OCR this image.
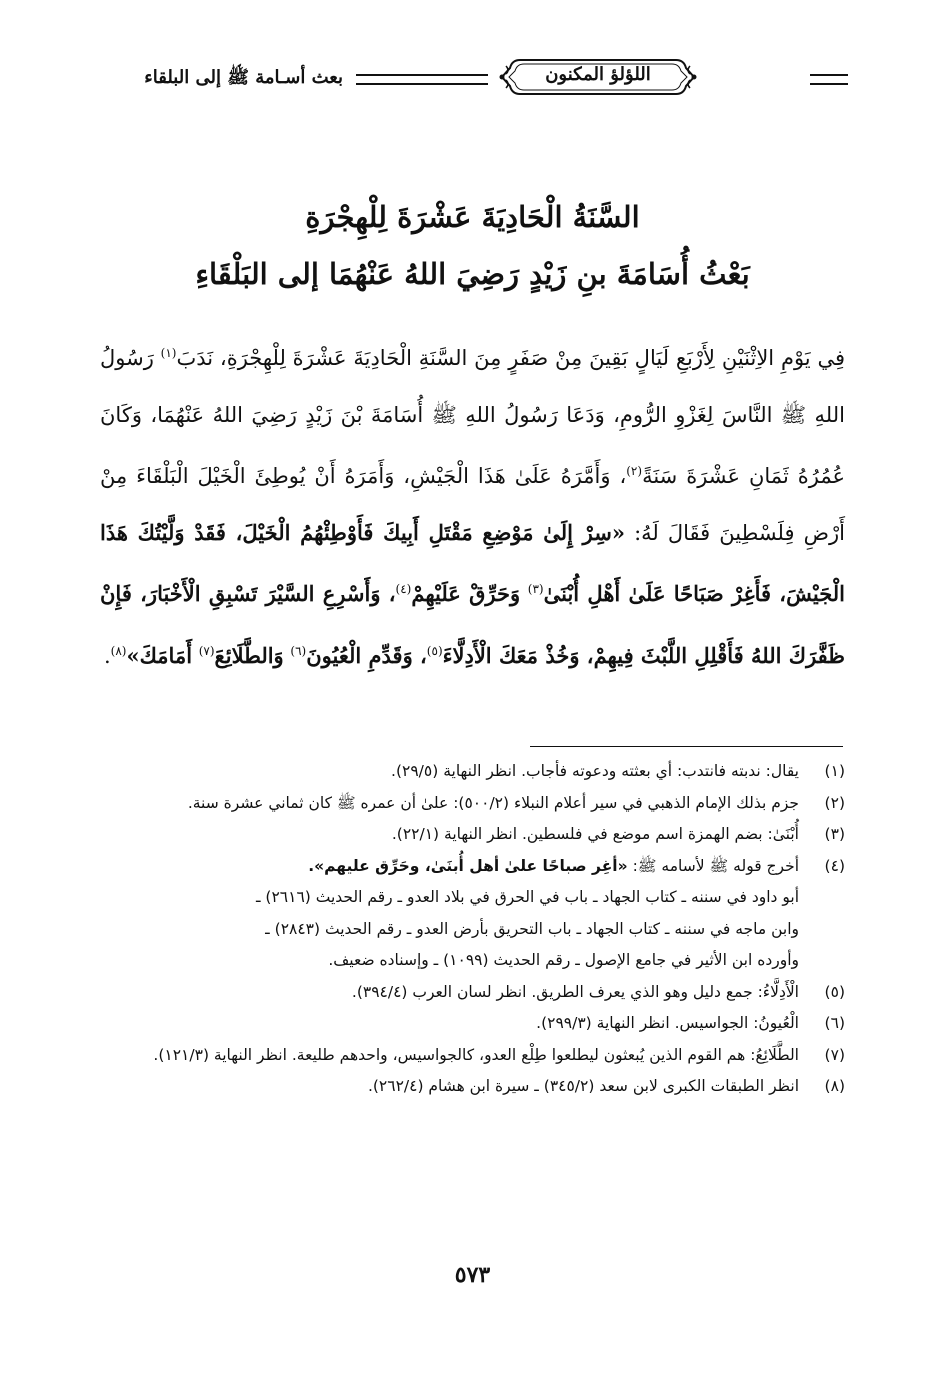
اللؤلؤ المكنون
بعث أسـامة ﷺ إلى البلقاء
السَّنَةُ الْحَادِيَةَ عَشْرَةَ لِلْهِجْرَةِ
بَعْثُ أُسَامَةَ بنِ زَيْدٍ رَضِيَ اللهُ عَنْهُمَا إلى البَلْقَاءِ

فِي يَوْمِ الاِثْنَيْنِ لِأَرْبَعِ لَيَالٍ بَقِينَ مِنْ صَفَرٍ مِنَ السَّنَةِ الْحَادِيَةَ عَشْرَةَ لِلْهِجْرَةِ، نَدَبَ$^{(١)}$ رَسُولُ اللهِ ﷺ النَّاسَ لِغَزْوِ الرُّومِ، وَدَعَا رَسُولُ اللهِ ﷺ أُسَامَةَ بْنَ زَيْدٍ رَضِيَ اللهُ عَنْهُمَا، وَكَانَ عُمُرُهُ ثَمَانِ عَشْرَةَ سَنَةً$^{(٢)}$، وَأَمَّرَهُ عَلَىٰ هَذَا الْجَيْشِ، وَأَمَرَهُ أَنْ يُوطِئَ الْخَيْلَ الْبَلْقَاءَ مِنْ أَرْضِ فِلَسْطِينَ فَقَالَ لَهُ: «سِرْ إِلَىٰ مَوْضِعِ مَقْتَلِ أَبِيكَ فَأَوْطِئْهُمُ الْخَيْلَ، فَقَدْ وَلَّيْتُكَ هَذَا الْجَيْشَ، فَأَغِرْ صَبَاحًا عَلَىٰ أَهْلِ أُبْنَىٰ$^{(٣)}$ وَحَرِّقْ عَلَيْهِمْ$^{(٤)}$، وَأَسْرِعِ السَّيْرَ تَسْبِقِ الْأَخْبَارَ، فَإِنْ ظَفَّرَكَ اللهُ فَأَقْلِلِ اللَّبْثَ فِيهِمْ، وَخُذْ مَعَكَ الْأَدِلَّاءَ$^{(٥)}$، وَقَدِّمِ الْعُيُونَ$^{(٦)}$ وَالطَّلَائِعَ$^{(٧)}$ أَمَامَكَ»$^{(٨)}$.

(١)
يقال: ندبته فانتدب: أي بعثته ودعوته فأجاب. انظر النهاية (٢٩/٥).
(٢)
جزم بذلك الإمام الذهبي في سير أعلام النبلاء (٥٠٠/٢): علىٰ أن عمره ﷺ كان ثماني عشرة سنة.
(٣)
أُبْنَىٰ: بضم الهمزة اسم موضع في فلسطين. انظر النهاية (٢٢/١).
(٤)
أخرج قوله ﷺ لأسامه ﷺ: «أغِر صباحًا علىٰ أهل أُبنَىٰ، وحَرِّق عليهم».
أبو داود في سننه ـ كتاب الجهاد ـ باب في الحرق في بلاد العدو ـ رقم الحديث (٢٦١٦) ـ
وابن ماجه في سننه ـ كتاب الجهاد ـ باب التحريق بأرض العدو ـ رقم الحديث (٢٨٤٣) ـ
وأورده ابن الأثير في جامع الإصول ـ رقم الحديث (١٠٩٩) ـ وإسناده ضعيف.
(٥)
الْأَدِلَّاءُ: جمع دليل وهو الذي يعرف الطريق. انظر لسان العرب (٣٩٤/٤).
(٦)
الْعُيونُ: الجواسيس. انظر النهاية (٢٩٩/٣).
(٧)
الطَّلَائِعُ: هم القوم الذين يُبعثون ليطلعوا طِلْع العدو، كالجواسيس، واحدهم طليعة. انظر النهاية (١٢١/٣).
(٨)
انظر الطبقات الكبرى لابن سعد (٣٤٥/٢) ـ سيرة ابن هشام (٢٦٢/٤).
٥٧٣
